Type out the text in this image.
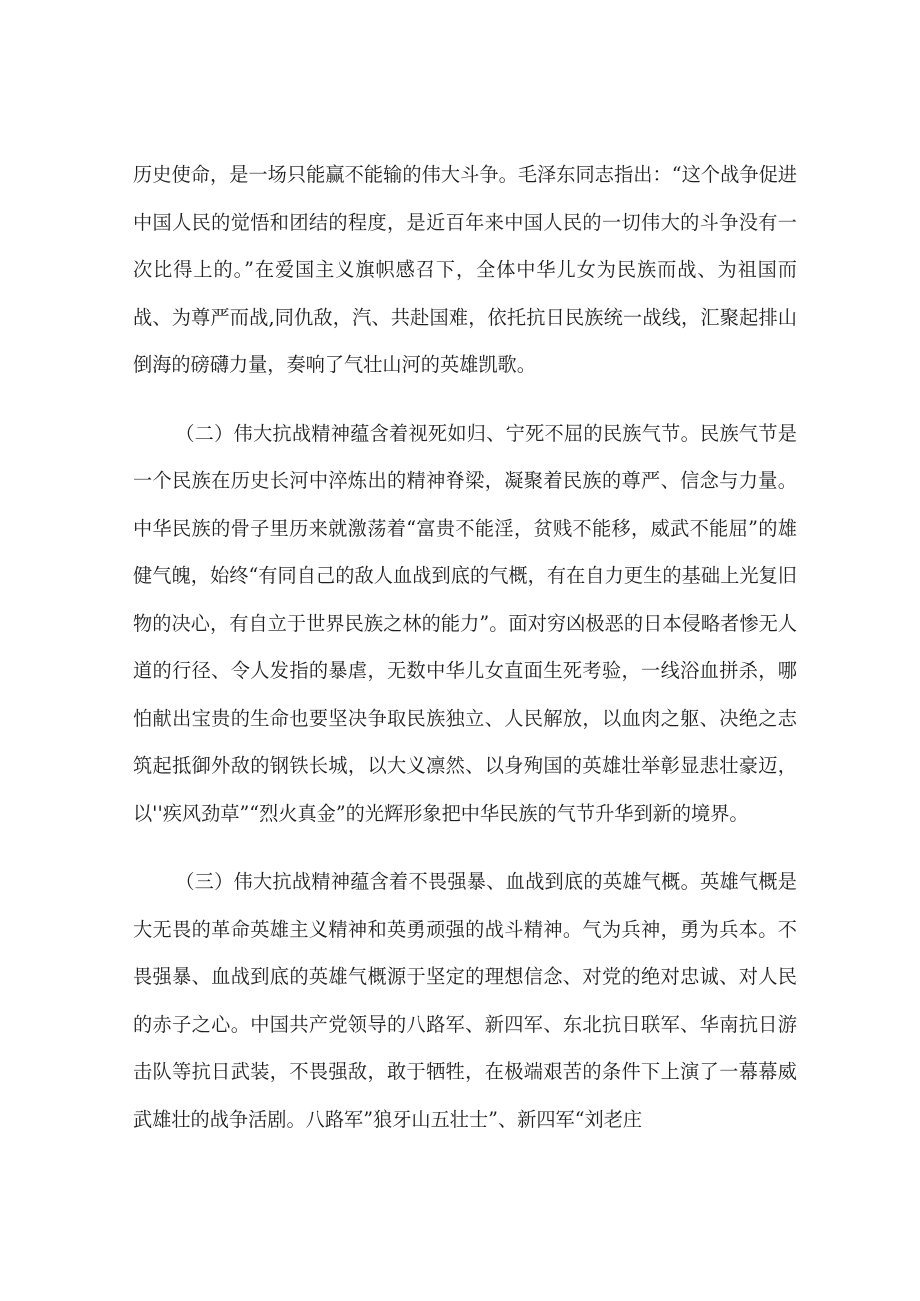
历史使命，是一场只能赢不能输的伟大斗争。毛泽东同志指出：“这个战争促进中国人民的觉悟和团结的程度，是近百年来中国人民的一切伟大的斗争没有一次比得上的。”在爱国主义旗帜感召下，全体中华儿女为民族而战、为祖国而战、为尊严而战,同仇敌，汽、共赴国难，依托抗日民族统一战线，汇聚起排山倒海的磅礴力量，奏响了气壮山河的英雄凯歌。

（二）伟大抗战精神蕴含着视死如归、宁死不屈的民族气节。民族气节是一个民族在历史长河中淬炼出的精神脊梁，凝聚着民族的尊严、信念与力量。中华民族的骨子里历来就激荡着“富贵不能淫，贫贱不能移，威武不能屈”的雄健气魄，始终“有同自己的敌人血战到底的气概，有在自力更生的基础上光复旧物的决心，有自立于世界民族之林的能力”。面对穷凶极恶的日本侵略者惨无人道的行径、令人发指的暴虐，无数中华儿女直面生死考验，一线浴血拼杀，哪怕献出宝贵的生命也要坚决争取民族独立、人民解放，以血肉之躯、决绝之志筑起抵御外敌的钢铁长城，以大义凛然、以身殉国的英雄壮举彰显悲壮豪迈，以''疾风劲草”“烈火真金”的光辉形象把中华民族的气节升华到新的境界。

（三）伟大抗战精神蕴含着不畏强暴、血战到底的英雄气概。英雄气概是大无畏的革命英雄主义精神和英勇顽强的战斗精神。气为兵神，勇为兵本。不畏强暴、血战到底的英雄气概源于坚定的理想信念、对党的绝对忠诚、对人民的赤子之心。中国共产党领导的八路军、新四军、东北抗日联军、华南抗日游击队等抗日武装，不畏强敌，敢于牺牲，在极端艰苦的条件下上演了一幕幕威武雄壮的战争活剧。八路军”狼牙山五壮士”、新四军“刘老庄
